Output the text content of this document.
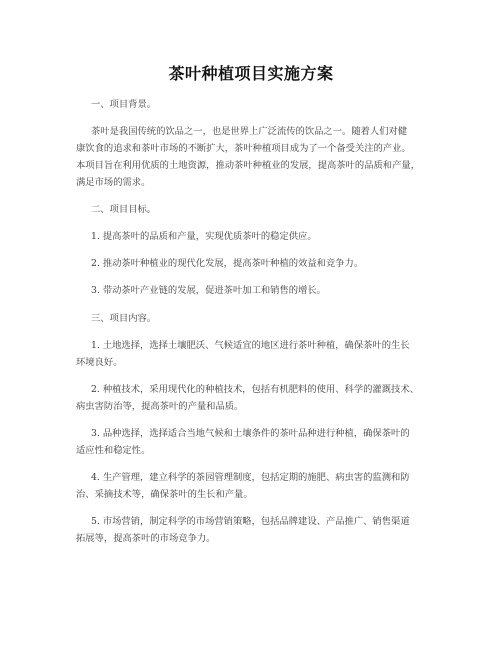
茶叶种植项目实施方案
一、项目背景。
茶叶是我国传统的饮品之一，也是世界上广泛流传的饮品之一。随着人们对健
康饮食的追求和茶叶市场的不断扩大，茶叶种植项目成为了一个备受关注的产业。
本项目旨在利用优质的土地资源，推动茶叶种植业的发展，提高茶叶的品质和产量，
满足市场的需求。
二、项目目标。
1. 提高茶叶的品质和产量，实现优质茶叶的稳定供应。
2. 推动茶叶种植业的现代化发展，提高茶叶种植的效益和竞争力。
3. 带动茶叶产业链的发展，促进茶叶加工和销售的增长。
三、项目内容。
1. 土地选择，选择土壤肥沃、气候适宜的地区进行茶叶种植，确保茶叶的生长
环境良好。
2. 种植技术，采用现代化的种植技术，包括有机肥料的使用、科学的灌溉技术、
病虫害防治等，提高茶叶的产量和品质。
3. 品种选择，选择适合当地气候和土壤条件的茶叶品种进行种植，确保茶叶的
适应性和稳定性。
4. 生产管理，建立科学的茶园管理制度，包括定期的施肥、病虫害的监测和防
治、采摘技术等，确保茶叶的生长和产量。
5. 市场营销，制定科学的市场营销策略，包括品牌建设、产品推广、销售渠道
拓展等，提高茶叶的市场竞争力。
